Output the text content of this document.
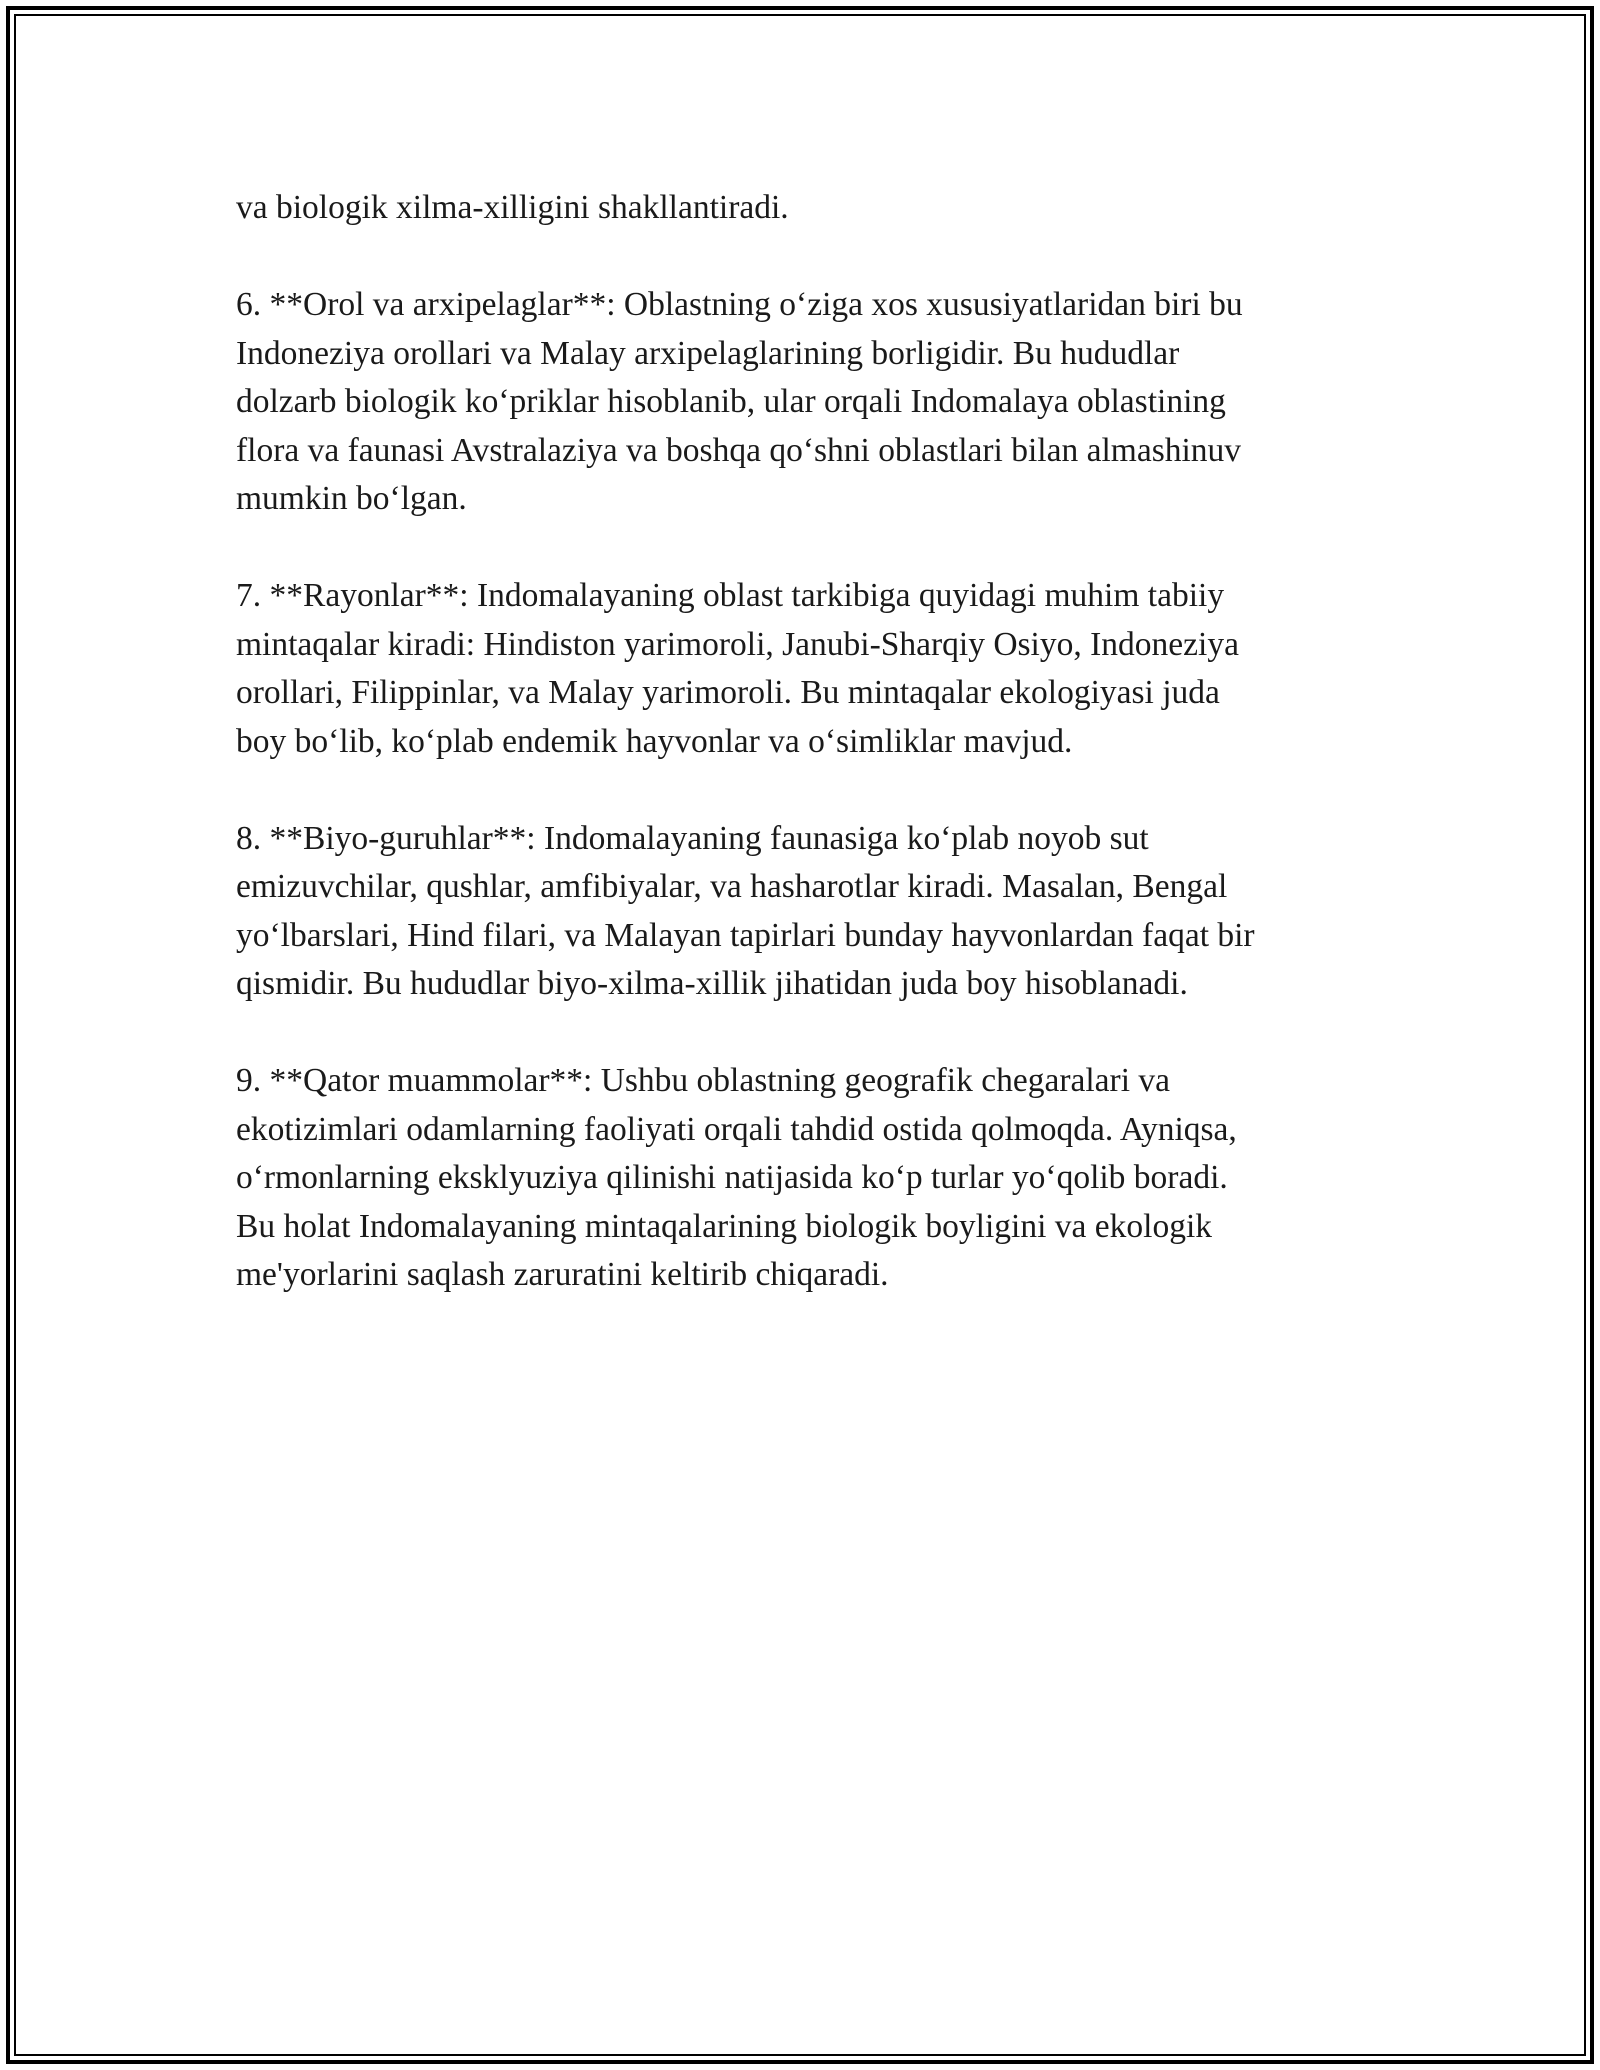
va biologik xilma-xilligini shakllantiradi.

6. **Orol va arxipelaglar**: Oblastning o‘ziga xos xususiyatlaridan biri bu
Indoneziya orollari va Malay arxipelaglarining borligidir. Bu hududlar
dolzarb biologik ko‘priklar hisoblanib, ular orqali Indomalaya oblastining
flora va faunasi Avstralaziya va boshqa qo‘shni oblastlari bilan almashinuv
mumkin bo‘lgan.

7. **Rayonlar**: Indomalayaning oblast tarkibiga quyidagi muhim tabiiy
mintaqalar kiradi: Hindiston yarimoroli, Janubi-Sharqiy Osiyo, Indoneziya
orollari, Filippinlar, va Malay yarimoroli. Bu mintaqalar ekologiyasi juda
boy bo‘lib, ko‘plab endemik hayvonlar va o‘simliklar mavjud.

8. **Biyo-guruhlar**: Indomalayaning faunasiga ko‘plab noyob sut
emizuvchilar, qushlar, amfibiyalar, va hasharotlar kiradi. Masalan, Bengal
yo‘lbarslari, Hind filari, va Malayan tapirlari bunday hayvonlardan faqat bir
qismidir. Bu hududlar biyo-xilma-xillik jihatidan juda boy hisoblanadi.

9. **Qator muammolar**: Ushbu oblastning geografik chegaralari va
ekotizimlari odamlarning faoliyati orqali tahdid ostida qolmoqda. Ayniqsa,
o‘rmonlarning eksklyuziya qilinishi natijasida ko‘p turlar yo‘qolib boradi.
Bu holat Indomalayaning mintaqalarining biologik boyligini va ekologik
me'yorlarini saqlash zaruratini keltirib chiqaradi.
